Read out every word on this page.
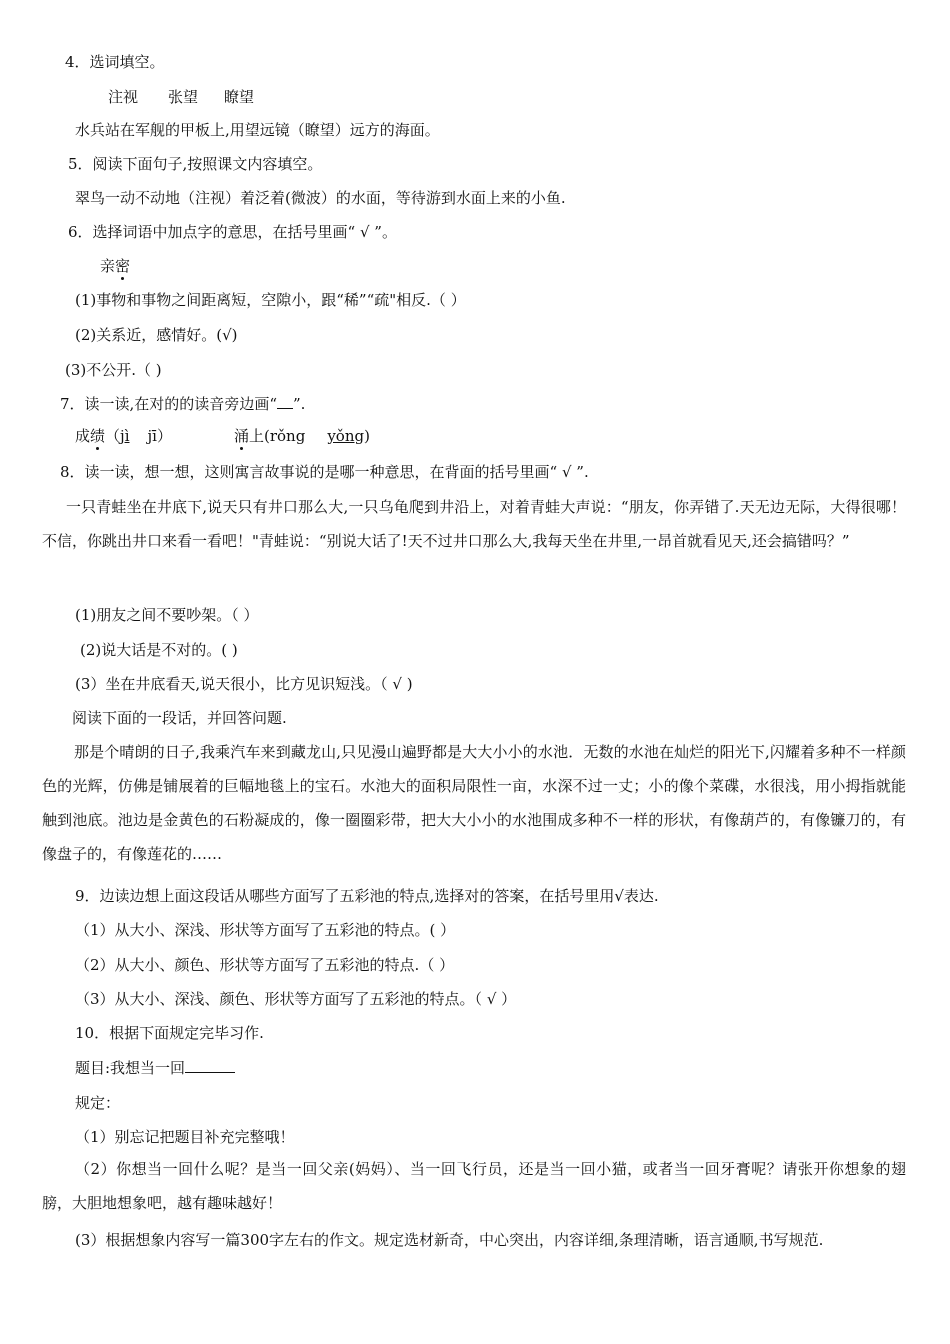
4．选词填空。
注视 张望 瞭望
水兵站在军舰的甲板上,用望远镜（瞭望）远方的海面。
5．阅读下面句子,按照课文内容填空。
翠鸟一动不动地（注视）着泛着(微波）的水面，等待游到水面上来的小鱼.
6．选择词语中加点字的意思，在括号里画“ √ ”。
亲密
(1)事物和事物之间距离短，空隙小，跟“稀”“疏"相反.（ ）
(2)关系近，感情好。(√)
(3)不公开.（ )
7．读一读,在对的的读音旁边画“ ”.
成绩（jì jī）	涌上(rǒng yǒng)
8．读一读，想一想，这则寓言故事说的是哪一种意思，在背面的括号里画“ √ ”.
一只青蛙坐在井底下,说天只有井口那么大,一只乌龟爬到井沿上，对着青蛙大声说：“朋友，你弄错了.天无边无际，大得很哪！不信，你跳出井口来看一看吧！"青蛙说：“别说大话了!天不过井口那么大,我每天坐在井里,一昂首就看见天,还会搞错吗？”
(1)朋友之间不要吵架。（ ）
(2)说大话是不对的。( )
(3）坐在井底看天,说天很小，比方见识短浅。（ √ )
阅读下面的一段话，并回答问题.
那是个晴朗的日子,我乘汽车来到藏龙山,只见漫山遍野都是大大小小的水池．无数的水池在灿烂的阳光下,闪耀着多种不一样颜色的光辉，仿佛是铺展着的巨幅地毯上的宝石。水池大的面积局限性一亩，水深不过一丈；小的像个菜碟，水很浅，用小拇指就能触到池底。池边是金黄色的石粉凝成的，像一圈圈彩带，把大大小小的水池围成多种不一样的形状，有像葫芦的，有像镰刀的，有像盘子的，有像莲花的……
9．边读边想上面这段话从哪些方面写了五彩池的特点,选择对的答案，在括号里用√表达.
（1）从大小、深浅、形状等方面写了五彩池的特点。( ）
（2）从大小、颜色、形状等方面写了五彩池的特点.（ ）
（3）从大小、深浅、颜色、形状等方面写了五彩池的特点。（ √ ）
10．根据下面规定完毕习作.
题目:我想当一回
规定：
（1）别忘记把题目补充完整哦！
（2）你想当一回什么呢？是当一回父亲(妈妈）、当一回飞行员，还是当一回小猫，或者当一回牙膏呢？请张开你想象的翅膀，大胆地想象吧，越有趣味越好！
(3）根据想象内容写一篇300字左右的作文。规定选材新奇，中心突出，内容详细,条理清晰，语言通顺,书写规范.
